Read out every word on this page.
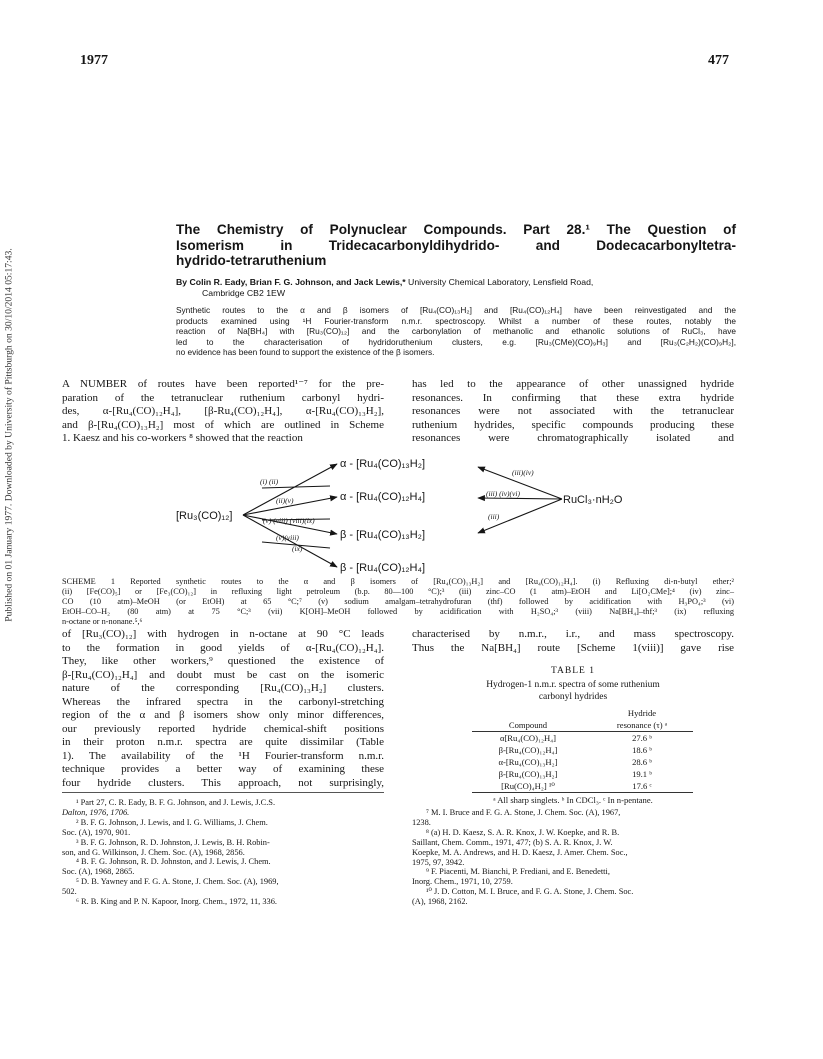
Published on 01 January 1977. Downloaded by University of Pittsburgh on 30/10/2014 05:17:43.
1977	477
The Chemistry of Polynuclear Compounds. Part 28.¹ The Question of
Isomerism in Tridecacarbonyldihydrido- and Dodecacarbonyltetra-
hydrido-tetraruthenium
By Colin R. Eady, Brian F. G. Johnson, and Jack Lewis,* University Chemical Laboratory, Lensfield Road,
Cambridge CB2 1EW
Synthetic routes to the α and β isomers of [Ru₄(CO)₁₃H₂] and [Ru₄(CO)₁₂H₄] have been reinvestigated and the
products examined using ¹H Fourier-transform n.m.r. spectroscopy. Whilst a number of these routes, notably the
reaction of Na[BH₄] with [Ru₃(CO)₁₂] and the carbonylation of methanolic and ethanolic solutions of RuCl₃, have
led to the characterisation of hydridoruthenium clusters, e.g. [Ru₃(CMe)(CO)₉H₃] and [Ru₃(C₂H₂)(CO)₉H₂],
no evidence has been found to support the existence of the β isomers.
A NUMBER of routes have been reported¹⁻⁷ for the pre-
paration of the tetranuclear ruthenium carbonyl hydri-
des, α-[Ru₄(CO)₁₂H₄], [β-Ru₄(CO)₁₂H₄], α-[Ru₄(CO)₁₃H₂],
and β-[Ru₄(CO)₁₃H₂] most of which are outlined in Scheme
1. Kaesz and his co-workers ⁸ showed that the reaction
has led to the appearance of other unassigned hydride
resonances. In confirming that these extra hydride
resonances were not associated with the tetranuclear
ruthenium hydrides, specific compounds producing these
resonances were chromatographically isolated and
[Ru₃(CO)₁₂]
RuCl₃·nH₂O
α - [Ru₄(CO)₁₃H₂]
α - [Ru₄(CO)₁₂H₄]
β - [Ru₄(CO)₁₃H₂]
β - [Ru₄(CO)₁₂H₄]
(i) (ii)
(ii)(v)
(v) (viii) (viii)(ix)
(v)(viii)
(ix)
(iii)(iv)
(iii) (iv)(vi)
(iii)
SCHEME 1 Reported synthetic routes to the α and β isomers of [Ru₄(CO)₁₃H₂] and [Ru₄(CO)₁₂H₄]. (i) Refluxing di-n-butyl ether;²
(ii) [Fe(CO)₅] or [Fe₃(CO)₁₂] in refluxing light petroleum (b.p. 80—100 °C);³ (iii) zinc–CO (1 atm)–EtOH and Li[O₂CMe];⁴ (iv) zinc–
CO (10 atm)–MeOH (or EtOH) at 65 °C;⁷ (v) sodium amalgam–tetrahydrofuran (thf) followed by acidification with H₃PO₄;³ (vi)
EtOH–CO–H₂ (80 atm) at 75 °C;³ (vii) K[OH]–MeOH followed by acidification with H₂SO₄;³ (viii) Na[BH₄]–thf;³ (ix) refluxing
n-octane or n-nonane.⁵,⁶
of [Ru₃(CO)₁₂] with hydrogen in n-octane at 90 °C leads
to the formation in good yields of α-[Ru₄(CO)₁₂H₄].
They, like other workers,⁹ questioned the existence of
β-[Ru₄(CO)₁₂H₄] and doubt must be cast on the isomeric
nature of the corresponding [Ru₄(CO)₁₃H₂] clusters.
Whereas the infrared spectra in the carbonyl-stretching
region of the α and β isomers show only minor differences,
our previously reported hydride chemical-shift positions
in their proton n.m.r. spectra are quite dissimilar (Table
1). The availability of the ¹H Fourier-transform n.m.r.
technique provides a better way of examining these
four hydride clusters. This approach, not surprisingly,
characterised by n.m.r., i.r., and mass spectroscopy.
Thus the Na[BH₄] route [Scheme 1(viii)] gave rise
TABLE 1
Hydrogen-1 n.m.r. spectra of some ruthenium
carbonyl hydrides
	Hydride
Compound	resonance (τ) ᵃ
α[Ru₄(CO)₁₂H₄]	27.6 ᵇ
β-[Ru₄(CO)₁₂H₄]	18.6 ᵇ
α-[Ru₄(CO)₁₃H₂]	28.6 ᵇ
β-[Ru₄(CO)₁₃H₂]	19.1 ᵇ
[Ru(CO)₄H₂] ¹⁰	17.6 ᶜ
ᵃ All sharp singlets. ᵇ In CDCl₃. ᶜ In n-pentane.
¹ Part 27, C. R. Eady, B. F. G. Johnson, and J. Lewis, J.C.S.
Dalton, 1976, 1706.
² B. F. G. Johnson, J. Lewis, and I. G. Williams, J. Chem.
Soc. (A), 1970, 901.
³ B. F. G. Johnson, R. D. Johnston, J. Lewis, B. H. Robin-
son, and G. Wilkinson, J. Chem. Soc. (A), 1968, 2856.
⁴ B. F. G. Johnson, R. D. Johnston, and J. Lewis, J. Chem.
Soc. (A), 1968, 2865.
⁵ D. B. Yawney and F. G. A. Stone, J. Chem. Soc. (A), 1969,
502.
⁶ R. B. King and P. N. Kapoor, Inorg. Chem., 1972, 11, 336.
⁷ M. I. Bruce and F. G. A. Stone, J. Chem. Soc. (A), 1967,
1238.
⁸ (a) H. D. Kaesz, S. A. R. Knox, J. W. Koepke, and R. B.
Saillant, Chem. Comm., 1971, 477; (b) S. A. R. Knox, J. W.
Koepke, M. A. Andrews, and H. D. Kaesz, J. Amer. Chem. Soc.,
1975, 97, 3942.
⁹ F. Piacenti, M. Bianchi, P. Frediani, and E. Benedetti,
Inorg. Chem., 1971, 10, 2759.
¹⁰ J. D. Cotton, M. I. Bruce, and F. G. A. Stone, J. Chem. Soc.
(A), 1968, 2162.
